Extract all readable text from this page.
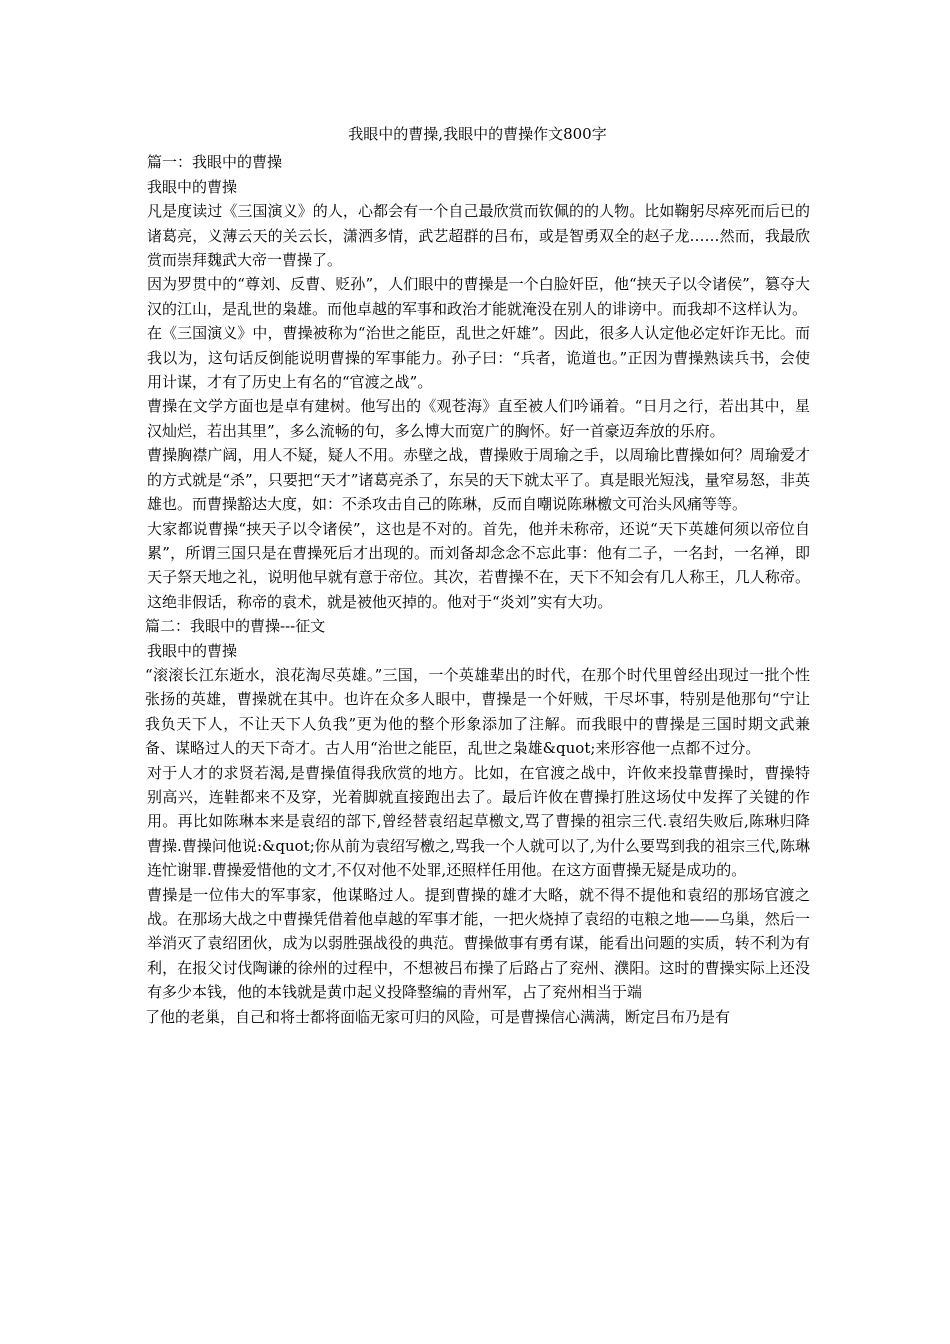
我眼中的曹操,我眼中的曹操作文800字

篇一：我眼中的曹操

我眼中的曹操

凡是度读过《三国演义》的人，心都会有一个自己最欣赏而钦佩的的人物。比如鞠躬尽瘁死而后已的诸葛亮，义薄云天的关云长，潇洒多情，武艺超群的吕布，或是智勇双全的赵子龙……然而，我最欣赏而崇拜魏武大帝一曹操了。

因为罗贯中的“尊刘、反曹、贬孙”，人们眼中的曹操是一个白脸奸臣，他“挟天子以令诸侯”，篡夺大汉的江山，是乱世的枭雄。而他卓越的军事和政治才能就淹没在别人的诽谤中。而我却不这样认为。

在《三国演义》中，曹操被称为“治世之能臣，乱世之奸雄”。因此，很多人认定他必定奸诈无比。而我以为，这句话反倒能说明曹操的军事能力。孙子曰：“兵者，诡道也。”正因为曹操熟读兵书，会使用计谋，才有了历史上有名的“官渡之战”。

曹操在文学方面也是卓有建树。他写出的《观苍海》直至被人们吟诵着。“日月之行，若出其中，星汉灿烂，若出其里”，多么流畅的句，多么博大而宽广的胸怀。好一首豪迈奔放的乐府。

曹操胸襟广阔，用人不疑，疑人不用。赤壁之战，曹操败于周瑜之手，以周瑜比曹操如何？周瑜爱才的方式就是“杀”，只要把“天才”诸葛亮杀了，东吴的天下就太平了。真是眼光短浅，量窄易怒，非英雄也。而曹操豁达大度，如：不杀攻击自己的陈琳，反而自嘲说陈琳檄文可治头风痛等等。

大家都说曹操“挟天子以令诸侯”，这也是不对的。首先，他并未称帝，还说“天下英雄何须以帝位自累”，所谓三国只是在曹操死后才出现的。而刘备却念念不忘此事：他有二子，一名封，一名禅，即天子祭天地之礼，说明他早就有意于帝位。其次，若曹操不在，天下不知会有几人称王，几人称帝。这绝非假话，称帝的袁术，就是被他灭掉的。他对于“炎刘”实有大功。

篇二：我眼中的曹操---征文

我眼中的曹操

“滚滚长江东逝水，浪花淘尽英雄。”三国，一个英雄辈出的时代，在那个时代里曾经出现过一批个性张扬的英雄，曹操就在其中。也许在众多人眼中，曹操是一个奸贼，干尽坏事，特别是他那句“宁让我负天下人，不让天下人负我”更为他的整个形象添加了注解。而我眼中的曹操是三国时期文武兼备、谋略过人的天下奇才。古人用“治世之能臣，乱世之枭雄&quot;来形容他一点都不过分。

对于人才的求贤若渴,是曹操值得我欣赏的地方。比如，在官渡之战中，许攸来投靠曹操时，曹操特别高兴，连鞋都来不及穿，光着脚就直接跑出去了。最后许攸在曹操打胜这场仗中发挥了关键的作用。再比如陈琳本来是袁绍的部下,曾经替袁绍起草檄文,骂了曹操的祖宗三代.袁绍失败后,陈琳归降曹操.曹操问他说:&quot;你从前为袁绍写檄之,骂我一个人就可以了,为什么要骂到我的祖宗三代,陈琳连忙谢罪.曹操爱惜他的文才,不仅对他不处罪,还照样任用他。在这方面曹操无疑是成功的。

曹操是一位伟大的军事家，他谋略过人。提到曹操的雄才大略，就不得不提他和袁绍的那场官渡之战。在那场大战之中曹操凭借着他卓越的军事才能，一把火烧掉了袁绍的屯粮之地——乌巢，然后一举消灭了袁绍团伙，成为以弱胜强战役的典范。曹操做事有勇有谋，能看出问题的实质，转不利为有利，在报父讨伐陶谦的徐州的过程中，不想被吕布操了后路占了兖州、濮阳。这时的曹操实际上还没有多少本钱，他的本钱就是黄巾起义投降整编的青州军，占了兖州相当于端

了他的老巢，自己和将士都将面临无家可归的风险，可是曹操信心满满，断定吕布乃是有
